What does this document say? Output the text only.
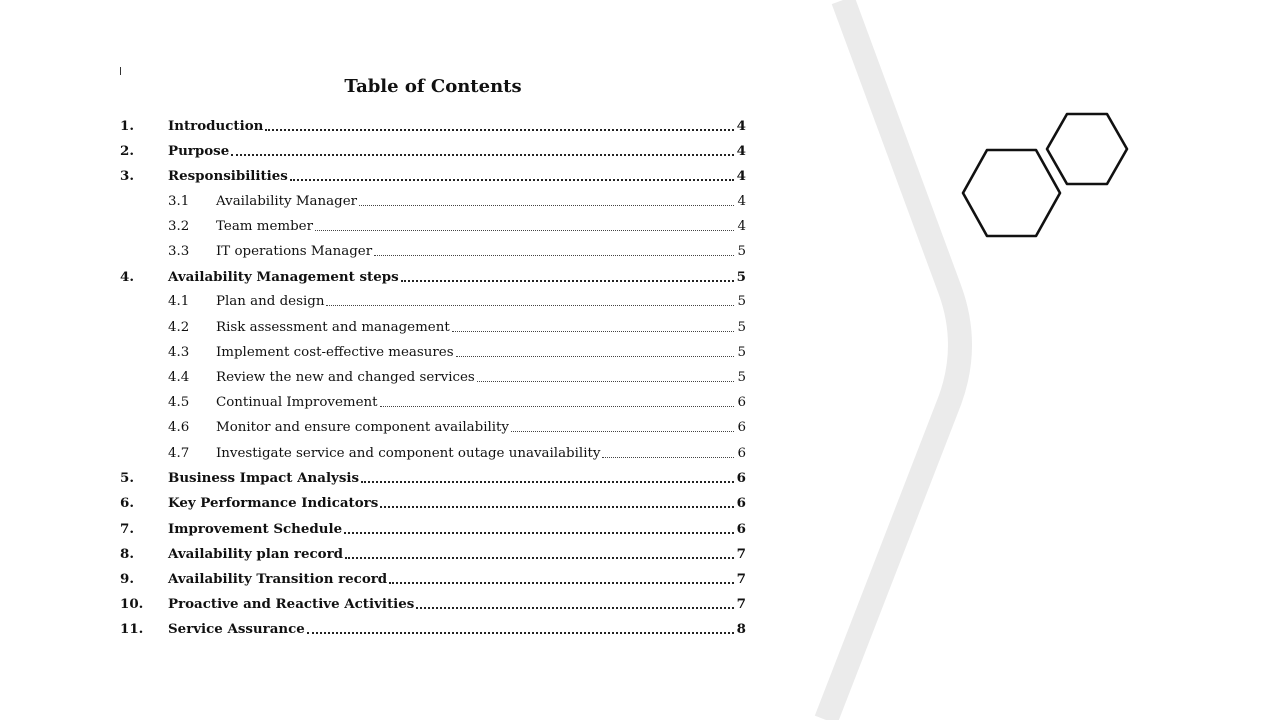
Table of Contents
1.	Introduction	4
2.	Purpose	4
3.	Responsibilities	4
3.1	Availability Manager	4
3.2	Team member	4
3.3	IT operations Manager	5
4.	Availability Management steps	5
4.1	Plan and design	5
4.2	Risk assessment and management	5
4.3	Implement cost-effective measures	5
4.4	Review the new and changed services	5
4.5	Continual Improvement	6
4.6	Monitor and ensure component availability	6
4.7	Investigate service and component outage unavailability	6
5.	Business Impact Analysis	6
6.	Key Performance Indicators	6
7.	Improvement Schedule	6
8.	Availability plan record	7
9.	Availability Transition record	7
10.	Proactive and Reactive Activities	7
11.	Service Assurance	8
